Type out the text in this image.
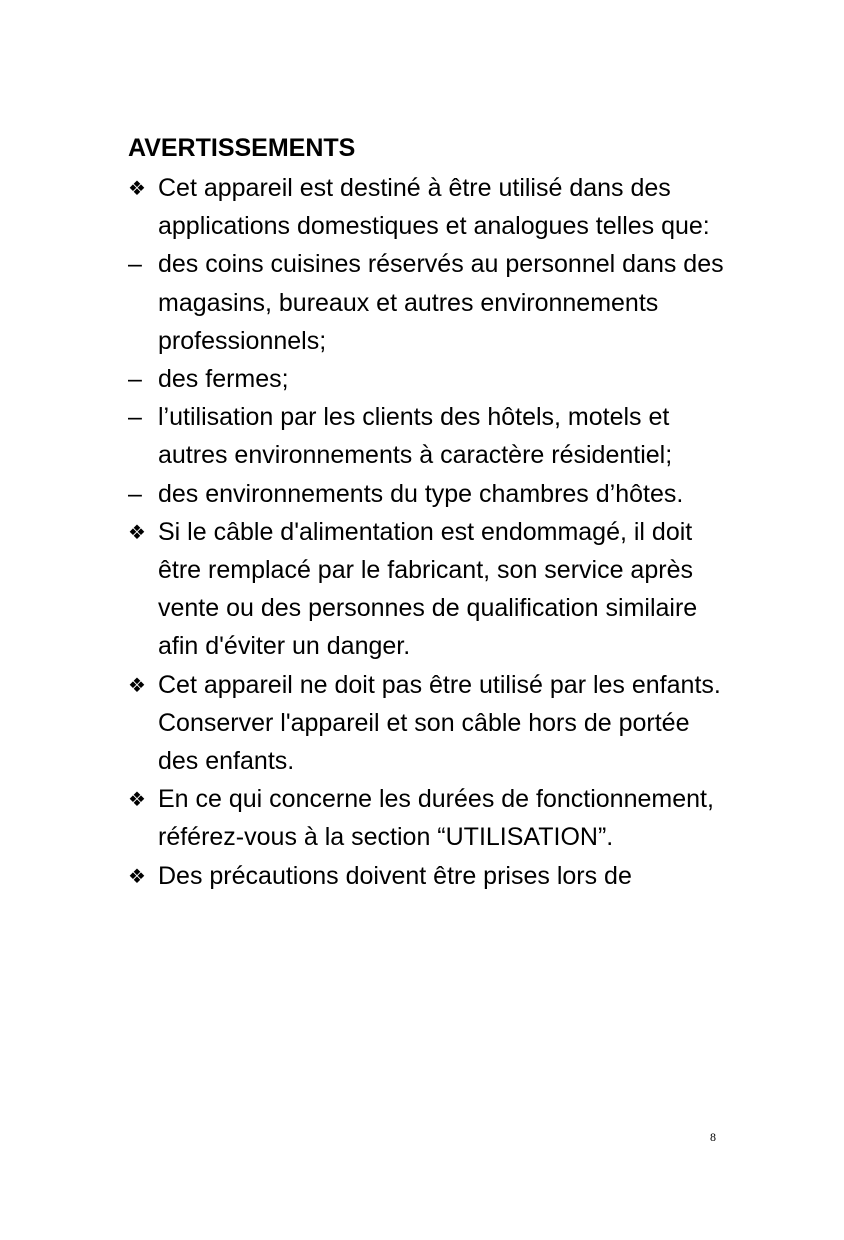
AVERTISSEMENTS
❖ Cet appareil est destiné à être utilisé dans des applications domestiques et analogues telles que:
– des coins cuisines réservés au personnel dans des magasins, bureaux et autres environnements professionnels;
– des fermes;
– l’utilisation par les clients des hôtels, motels et autres environnements à caractère résidentiel;
– des environnements du type chambres d’hôtes.
❖ Si le câble d'alimentation est endommagé, il doit être remplacé par le fabricant, son service après vente ou des personnes de qualification similaire afin d'éviter un danger.
❖ Cet appareil ne doit pas être utilisé par les enfants. Conserver l'appareil et son câble hors de portée des enfants.
❖ En ce qui concerne les durées de fonctionnement, référez-vous à la section “UTILISATION”.
❖ Des précautions doivent être prises lors de
8
